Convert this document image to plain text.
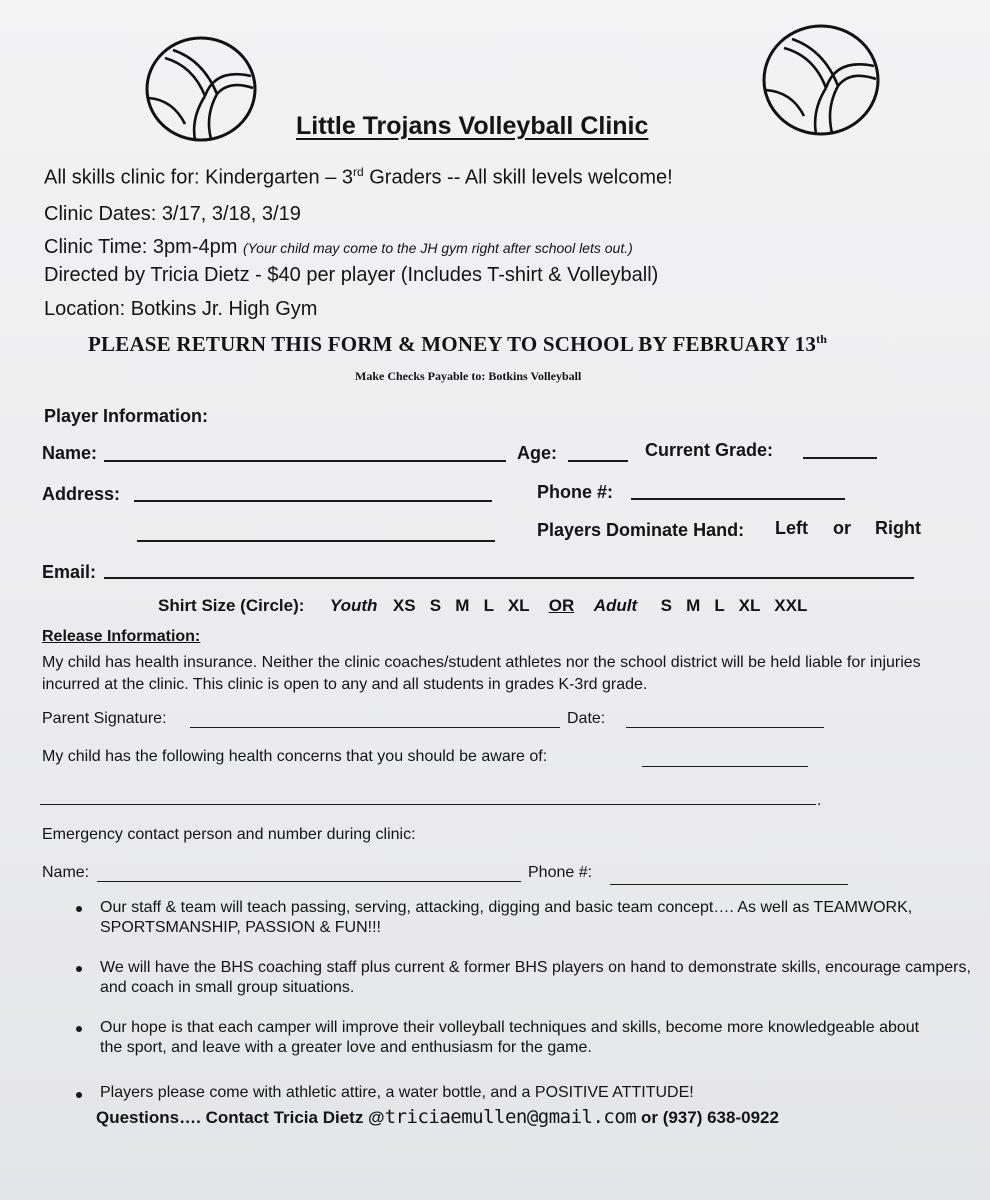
Little Trojans Volleyball Clinic
All skills clinic for: Kindergarten – 3rd Graders -- All skill levels welcome!
Clinic Dates: 3/17, 3/18, 3/19
Clinic Time: 3pm-4pm (Your child may come to the JH gym right after school lets out.)
Directed by Tricia Dietz - $40 per player (Includes T-shirt & Volleyball)
Location: Botkins Jr. High Gym
PLEASE RETURN THIS FORM & MONEY TO SCHOOL BY FEBRUARY 13th
Make Checks Payable to: Botkins Volleyball
Player Information:
Name:	Age:	Current Grade:
Address:	Phone #:
Players Dominate Hand: Left or Right
Email:
Shirt Size (Circle): Youth XS   S   M   L   XL OR Adult S   M   L   XL   XXL
Release Information:
My child has health insurance. Neither the clinic coaches/student athletes nor the school district will be held liable for injuries incurred at the clinic. This clinic is open to any and all students in grades K-3rd grade.
Parent Signature:	Date:
My child has the following health concerns that you should be aware of:
.
Emergency contact person and number during clinic:
Name:	Phone #:
Our staff & team will teach passing, serving, attacking, digging and basic team concept…. As well as TEAMWORK, SPORTSMANSHIP, PASSION & FUN!!!
We will have the BHS coaching staff plus current & former BHS players on hand to demonstrate skills, encourage campers, and coach in small group situations.
Our hope is that each camper will improve their volleyball techniques and skills, become more knowledgeable about the sport, and leave with a greater love and enthusiasm for the game.
Players please come with athletic attire, a water bottle, and a POSITIVE ATTITUDE!
Questions…. Contact Tricia Dietz @triciaemullen@gmail.com or (937) 638-0922
